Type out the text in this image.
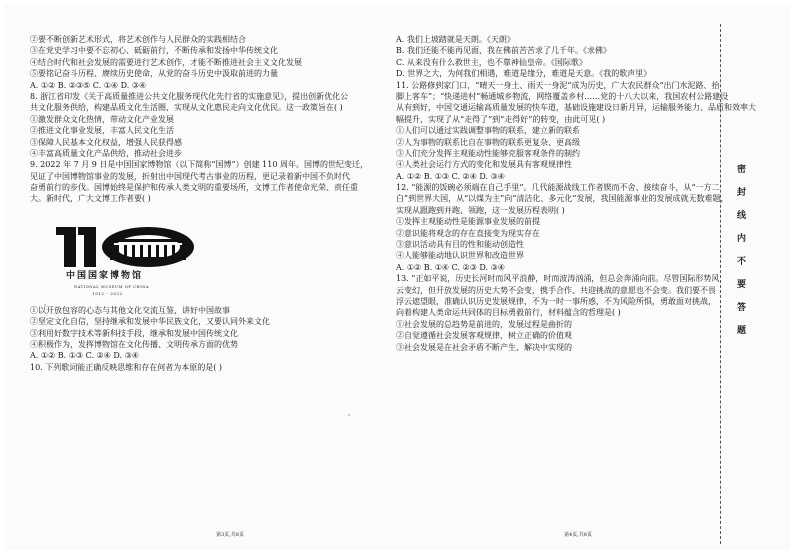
②要不断创新艺术形式，将艺术创作与人民群众的实践相结合
③在党史学习中要不忘初心、砥砺前行，不断传承和发扬中华传统文化
④结合时代和社会发展的需要进行艺术创作，才能不断推进社会主义文化发展
⑤要铭记奋斗历程、赓续历史使命，从党的奋斗历史中汲取前进的力量
A. ①② B. ②③⑤ C. ①④ D. ③④
8. 浙江省印发《关于高质量推进公共文化服务现代化先行省的实施意见》，提出创新优化公
共文化服务供给，构建品质文化生活圈，实现从文化惠民走向文化优民。这一政策旨在( )
①激发群众文化热情，带动文化产业发展
②推进文化事业发展，丰富人民文化生活
③保障人民基本文化权益，增强人民获得感
④丰富高质量文化产品供给，推动社会进步
9. 2022 年 7 月 9 日是中国国家博物馆（以下简称“国博”）创建 110 周年。国博的世纪变迁，
见证了中国博物馆事业的发展，折射出中国现代考古事业的历程，更记录着新中国不负时代
奋勇前行的步伐。国博始终是保护和传承人类文明的重要场所，文博工作者使命光荣、责任重
大。新时代，广大文博工作者要( )
中国国家博物馆
NATIONAL MUSEUM OF CHINA
1912 - 2022
①以开放包容的心态与其他文化交流互鉴，讲好中国故事
②坚定文化自信，坚持继承和发展中华民族文化，又要认同外来文化
③利用好数字技术等新科技手段，继承和发展中国传统文化
④积极作为，发挥博物馆在文化传播、文明传承方面的优势
A. ①② B. ①③ C. ②④ D. ③④
10. 下列歌词能正确反映思维和存在何者为本原的是( )
A. 我们上坡踏就是天朗。《天朗》
B. 我们还能不能再见面，我在佛前苦苦求了几千年。《求佛》
C. 从来没有什么救世主，也不靠神仙皇帝。《国际歌》
D. 世界之大，为何我们相遇，难道是缘分，难道是天意。《我的歌声里》
11. 公路修到家门口，“晴天一身土、雨天一身泥”成为历史，广大农民群众“出门水泥路、抬
脚上客车”；“快递进村”畅通城乡物流，网络覆盖乡村……党的十八大以来，我国农村公路建设
从有到好，中国交通运输高质量发展的快车道，基础设施建设日新月异，运输服务能力、品质和效率大
幅提升，实现了从“走得了”到“走得好”的转变，由此可见( )
①人们可以通过实践调整事物的联系，建立新的联系
②人为事物的联系比自在事物的联系更复杂、更高级
③人们充分发挥主观能动性能够克服客观条件的制约
④人类社会运行方式的变化和发展具有客观规律性
A. ①② B. ①③ C. ②④ D. ③④
12. “能源的饭碗必须端在自己手里”。几代能源战线工作者锲而不舍、接续奋斗，从“一方二
白”到世界大国，从“以煤为主”向“清洁化、多元化”发展，我国能源事业的发展成就无数难题，
实现从跟跑到并跑、领跑，这一发展历程表明( )
①发挥主观能动性是能源事业发展的前提
②意识能将观念的存在直接变为现实存在
③意识活动具有目的性和能动创造性
④人能够能动地认识世界和改造世界
A. ①② B. ①④ C. ②③ D. ③④
13. “正如平说，历史长河时而风平浪静，时而波涛汹涌，但总会奔涌向前。尽管国际形势风
云变幻，但开放发展的历史大势不会变，携手合作、共迎挑战的意愿也不会变。我们要不畏
浮云遮望眼，准确认识历史发展规律，不为一时一事所惑，不为风险所惧，勇敢面对挑战，
向着构建人类命运共同体的目标勇毅前行，材料蕴含的哲理是( )
①社会发展的总趋势是前进的，发展过程是曲折的
②自觉遵循社会发展客观规律，树立正确的价值观
③社会发展是在社会矛盾不断产生、解决中实现的
第3页,共8页	第4页,共8页
密封线内不要答题
